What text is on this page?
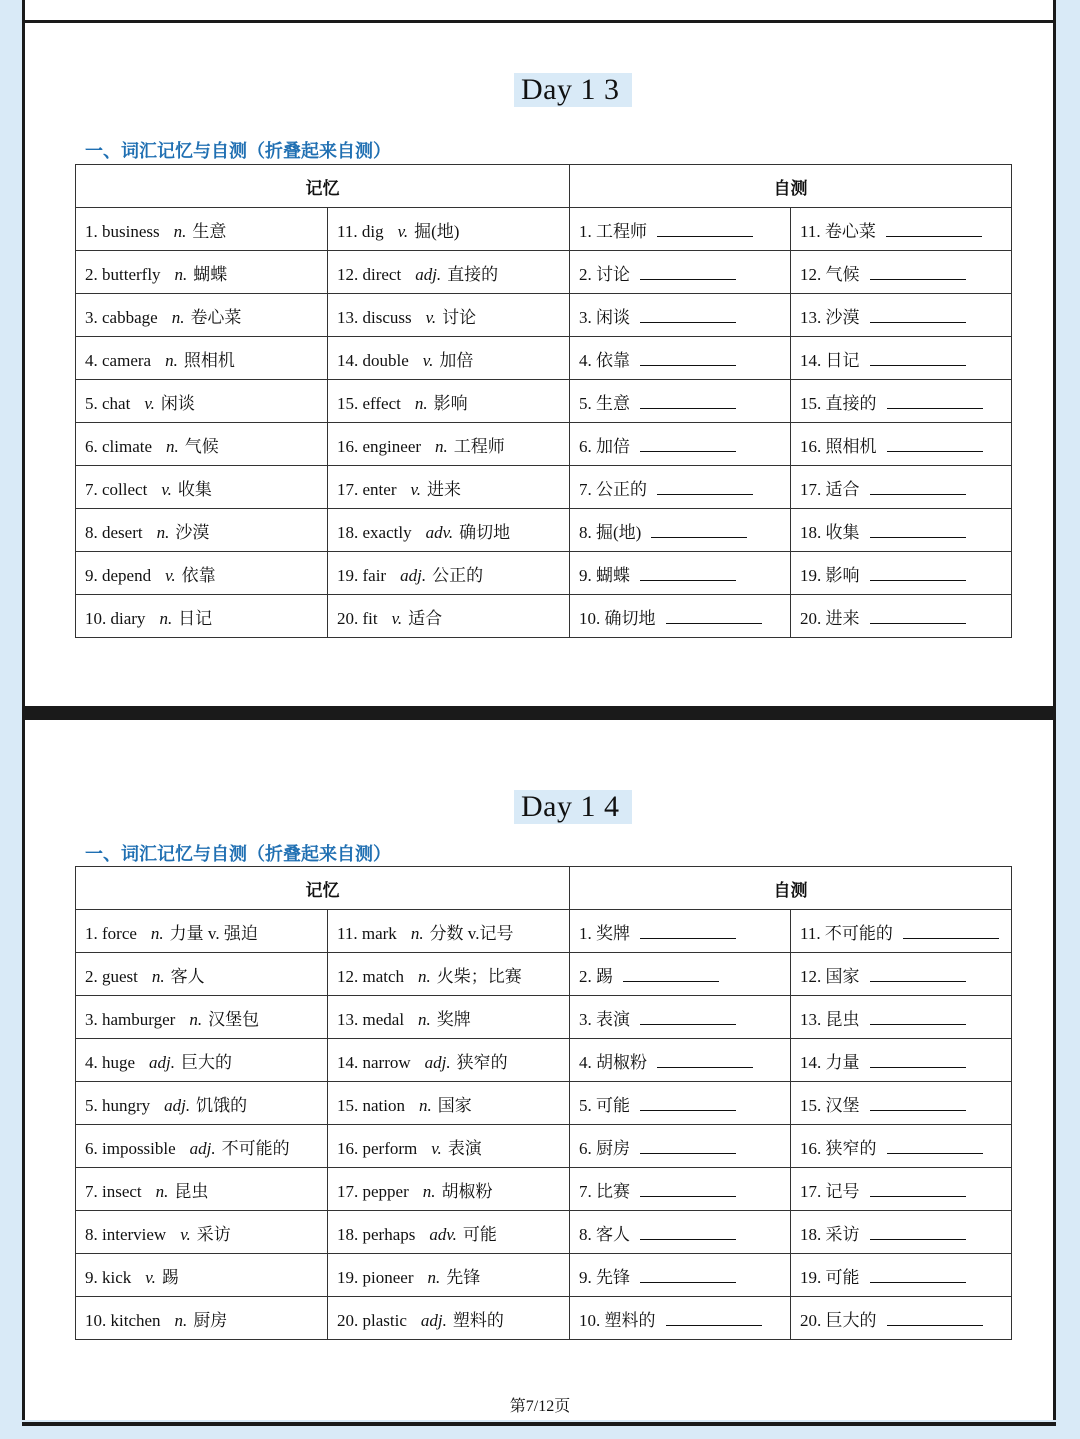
Day 1 3
一、词汇记忆与自测（折叠起来自测）
记忆		自测	
1. business n. 生意	11. dig v. 掘(地)	1. 工程师	11. 卷心菜
2. butterfly n. 蝴蝶	12. direct adj. 直接的	2. 讨论	12. 气候
3. cabbage n. 卷心菜	13. discuss v. 讨论	3. 闲谈	13. 沙漠
4. camera n. 照相机	14. double v. 加倍	4. 依靠	14. 日记
5. chat v. 闲谈	15. effect n. 影响	5. 生意	15. 直接的
6. climate n. 气候	16. engineer n. 工程师	6. 加倍	16. 照相机
7. collect v. 收集	17. enter v. 进来	7. 公正的	17. 适合
8. desert n. 沙漠	18. exactly adv. 确切地	8. 掘(地)	18. 收集
9. depend v. 依靠	19. fair adj. 公正的	9. 蝴蝶	19. 影响
10. diary n. 日记	20. fit v. 适合	10. 确切地	20. 进来
Day 1 4
一、词汇记忆与自测（折叠起来自测）
记忆		自测	
1. force n. 力量 v. 强迫	11. mark n. 分数 v.记号	1. 奖牌	11. 不可能的
2. guest n. 客人	12. match n. 火柴；比赛	2. 踢	12. 国家
3. hamburger n. 汉堡包	13. medal n. 奖牌	3. 表演	13. 昆虫
4. huge adj. 巨大的	14. narrow adj. 狭窄的	4. 胡椒粉	14. 力量
5. hungry adj. 饥饿的	15. nation n. 国家	5. 可能	15. 汉堡
6. impossible adj. 不可能的	16. perform v. 表演	6. 厨房	16. 狭窄的
7. insect n. 昆虫	17. pepper n. 胡椒粉	7. 比赛	17. 记号
8. interview v. 采访	18. perhaps adv. 可能	8. 客人	18. 采访
9. kick v. 踢	19. pioneer n. 先锋	9. 先锋	19. 可能
10. kitchen n. 厨房	20. plastic adj. 塑料的	10. 塑料的	20. 巨大的
第7/12页
